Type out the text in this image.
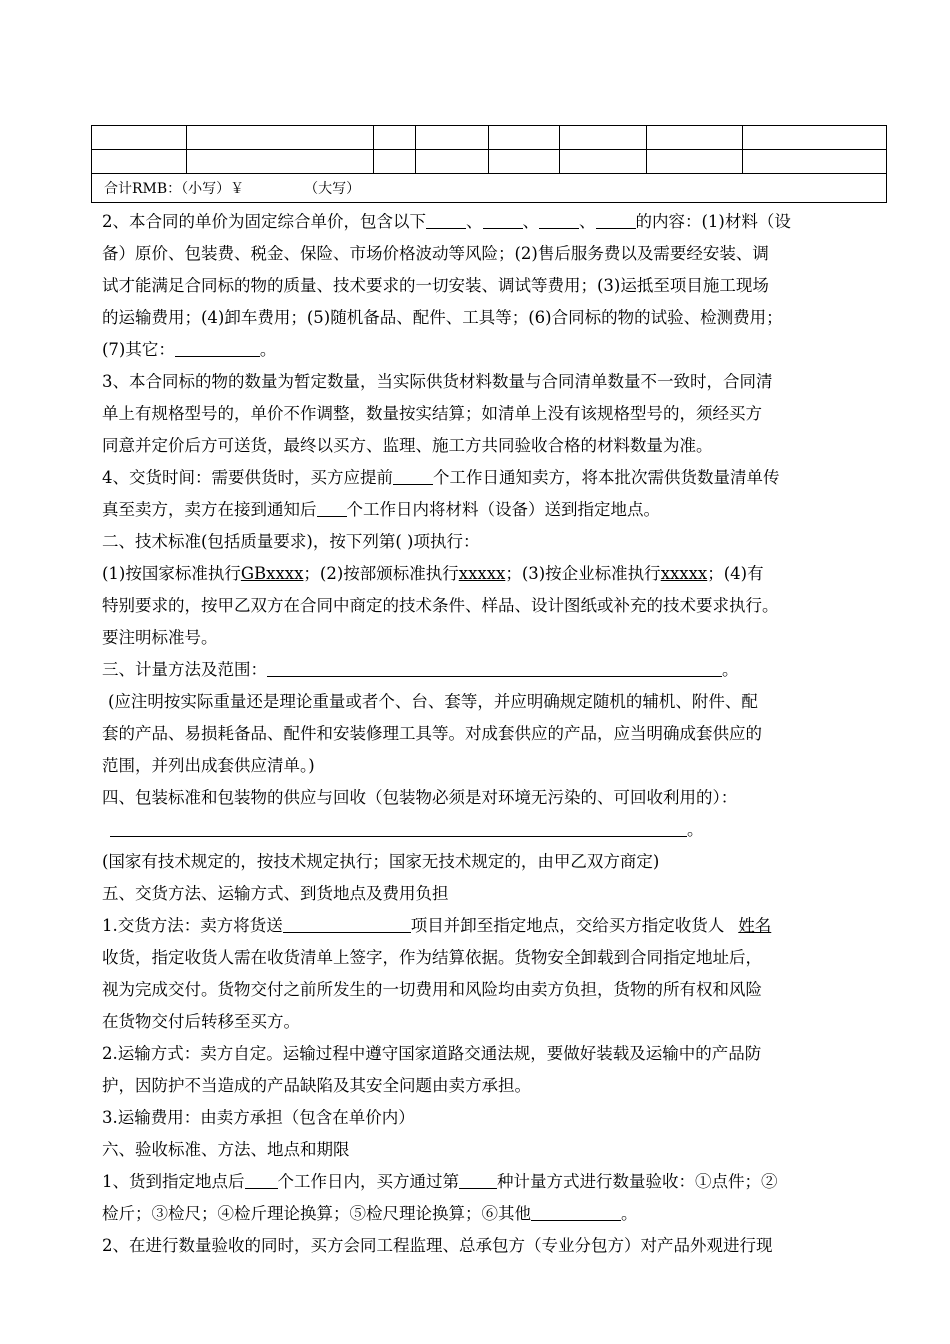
合计RMB：（小写）￥ （大写）							

2、本合同的单价为固定综合单价，包含以下 、 、 、 的内容：(1)材料（设

备）原价、包装费、税金、保险、市场价格波动等风险；(2)售后服务费以及需要经安装、调

试才能满足合同标的物的质量、技术要求的一切安装、调试等费用；(3)运抵至项目施工现场

的运输费用；(4)卸车费用；(5)随机备品、配件、工具等；(6)合同标的物的试验、检测费用；

(7)其它：	。

3、本合同标的物的数量为暂定数量，当实际供货材料数量与合同清单数量不一致时，合同清

单上有规格型号的，单价不作调整，数量按实结算；如清单上没有该规格型号的，须经买方

同意并定价后方可送货，最终以买方、监理、施工方共同验收合格的材料数量为准。

4、交货时间：需要供货时，买方应提前 个工作日通知卖方，将本批次需供货数量清单传

真至卖方，卖方在接到通知后 个工作日内将材料（设备）送到指定地点。

二、技术标准(包括质量要求)，按下列第( )项执行：

(1)按国家标准执行GBxxxx；(2)按部颁标准执行xxxxx；(3)按企业标准执行xxxxx；(4)有

特别要求的，按甲乙双方在合同中商定的技术条件、样品、设计图纸或补充的技术要求执行。

要注明标准号。

三、计量方法及范围：	。

(应注明按实际重量还是理论重量或者个、台、套等，并应明确规定随机的辅机、附件、配

套的产品、易损耗备品、配件和安装修理工具等。对成套供应的产品，应当明确成套供应的

范围，并列出成套供应清单。)

四、包装标准和包装物的供应与回收（包装物必须是对环境无污染的、可回收利用的）：

。

(国家有技术规定的，按技术规定执行；国家无技术规定的，由甲乙双方商定)

五、交货方法、运输方式、到货地点及费用负担

1.交货方法：卖方将货送	项目并卸至指定地点，交给买方指定收货人 姓名

收货，指定收货人需在收货清单上签字，作为结算依据。货物安全卸载到合同指定地址后，

视为完成交付。货物交付之前所发生的一切费用和风险均由卖方负担，货物的所有权和风险

在货物交付后转移至买方。

2.运输方式：卖方自定。运输过程中遵守国家道路交通法规，要做好装载及运输中的产品防

护，因防护不当造成的产品缺陷及其安全问题由卖方承担。

3.运输费用：由卖方承担（包含在单价内）

六、验收标准、方法、地点和期限

1、货到指定地点后 个工作日内，买方通过第 种计量方式进行数量验收：①点件；②

检斤；③检尺；④检斤理论换算；⑤检尺理论换算；⑥其他	。

2、在进行数量验收的同时，买方会同工程监理、总承包方（专业分包方）对产品外观进行现
